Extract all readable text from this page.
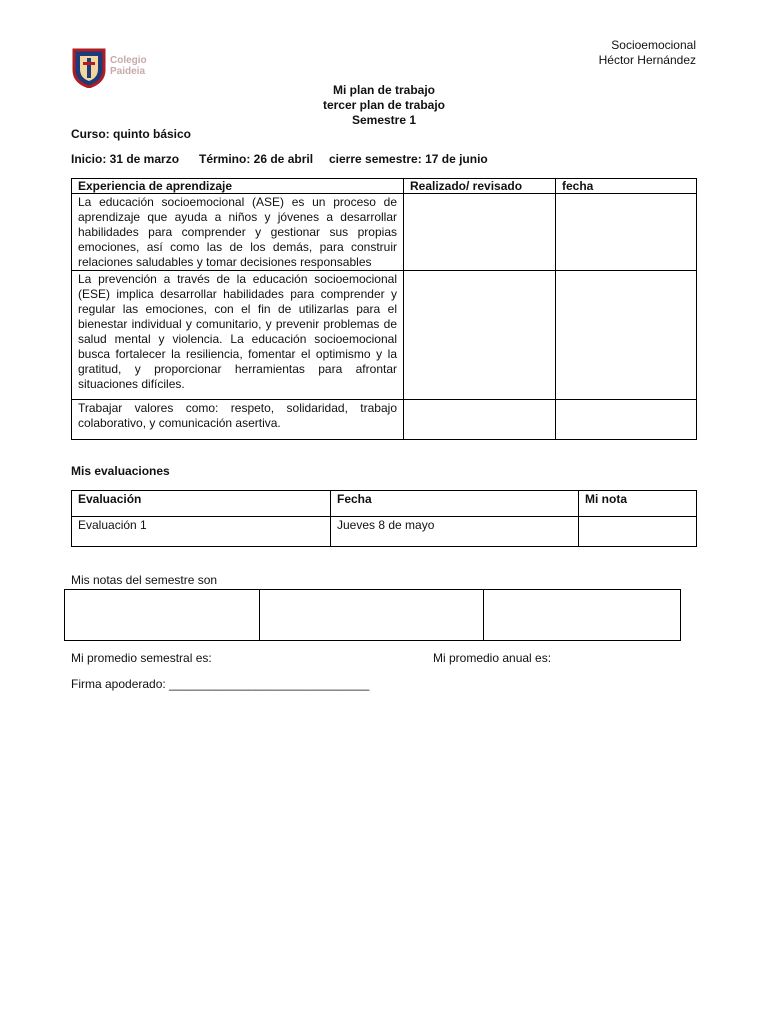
Colegio
Paideia
Socioemocional
Héctor Hernández
Mi plan de trabajo
tercer plan de trabajo
Semestre 1
Curso: quinto básico
Inicio: 31 de marzo Término: 26 de abril cierre semestre: 17 de junio
Experiencia de aprendizaje	Realizado/ revisado	fecha
La educación socioemocional (ASE) es un proceso de aprendizaje que ayuda a niños y jóvenes a desarrollar habilidades para comprender y gestionar sus propias emociones, así como las de los demás, para construir relaciones saludables y tomar decisiones responsables		
La prevención a través de la educación socioemocional (ESE) implica desarrollar habilidades para comprender y regular las emociones, con el fin de utilizarlas para el bienestar individual y comunitario, y prevenir problemas de salud mental y violencia. La educación socioemocional busca fortalecer la resiliencia, fomentar el optimismo y la gratitud, y proporcionar herramientas para afrontar situaciones difíciles.		
Trabajar valores como: respeto, solidaridad, trabajo colaborativo, y comunicación asertiva.		
Mis evaluaciones
Evaluación	Fecha	Mi nota
Evaluación 1	Jueves 8 de mayo	
Mis notas del semestre son

Mi promedio semestral es:	Mi promedio anual es:
Firma apoderado: ______________________________
